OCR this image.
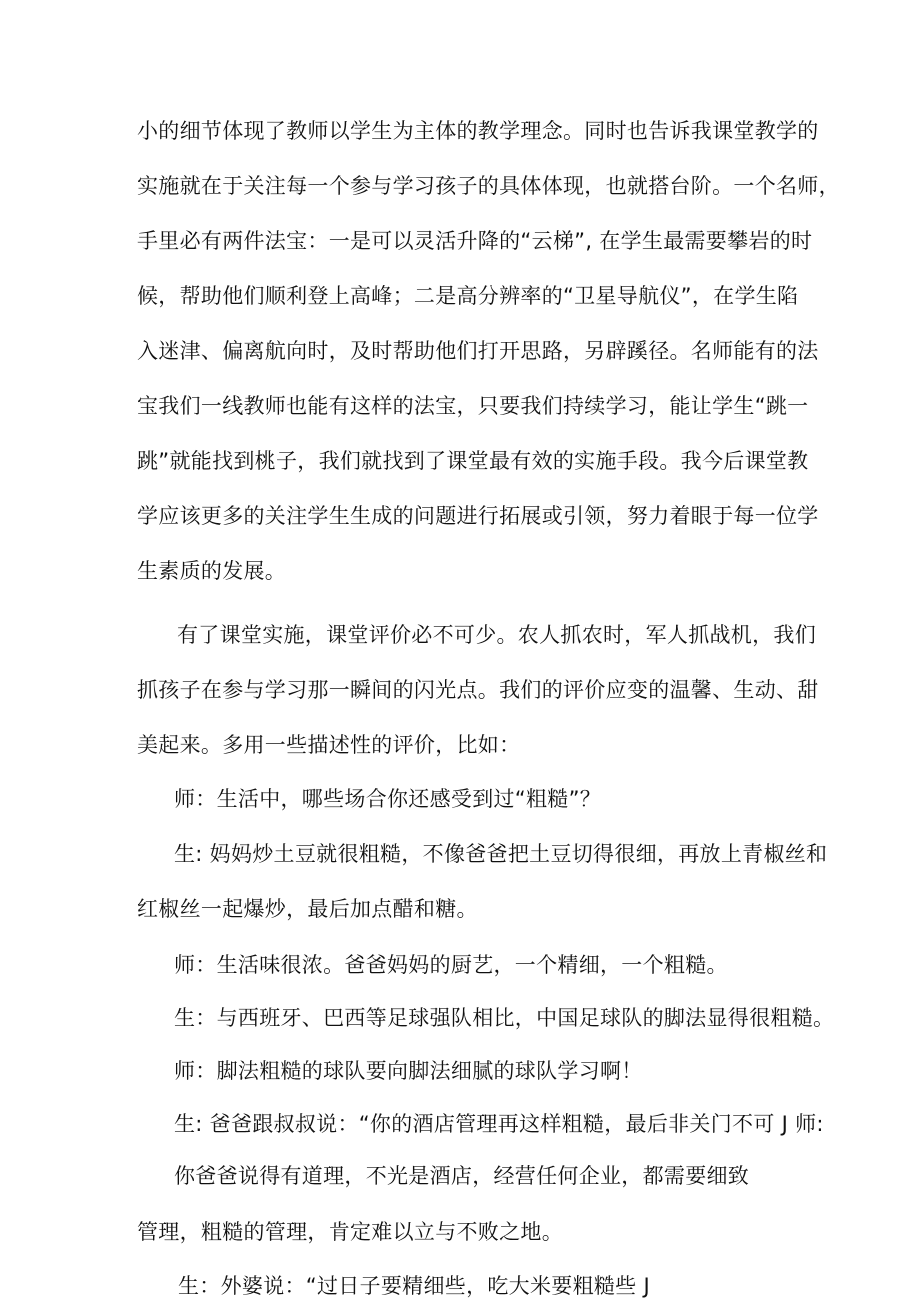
小的细节体现了教师以学生为主体的教学理念。同时也告诉我课堂教学的
实施就在于关注每一个参与学习孩子的具体体现，也就搭台阶。一个名师，
手里必有两件法宝：一是可以灵活升降的“云梯”, 在学生最需要攀岩的时
候，帮助他们顺利登上高峰；二是高分辨率的“卫星导航仪”，在学生陷
入迷津、偏离航向时，及时帮助他们打开思路，另辟蹊径。名师能有的法
宝我们一线教师也能有这样的法宝，只要我们持续学习，能让学生“跳一
跳”就能找到桃子，我们就找到了课堂最有效的实施手段。我今后课堂教
学应该更多的关注学生生成的问题进行拓展或引领，努力着眼于每一位学
生素质的发展。
有了课堂实施，课堂评价必不可少。农人抓农时，军人抓战机，我们
抓孩子在参与学习那一瞬间的闪光点。我们的评价应变的温馨、生动、甜
美起来。多用一些描述性的评价，比如：
师：生活中，哪些场合你还感受到过“粗糙”？
生: 妈妈炒土豆就很粗糙，不像爸爸把土豆切得很细，再放上青椒丝和
红椒丝一起爆炒，最后加点醋和糖。
师：生活味很浓。爸爸妈妈的厨艺，一个精细，一个粗糙。
生：与西班牙、巴西等足球强队相比，中国足球队的脚法显得很粗糙。
师：脚法粗糙的球队要向脚法细腻的球队学习啊！
生: 爸爸跟叔叔说：“你的酒店管理再这样粗糙，最后非关门不可 J 师:
你爸爸说得有道理，不光是酒店，经营任何企业，都需要细致
管理，粗糙的管理，肯定难以立与不败之地。
生：外婆说：“过日子要精细些，吃大米要粗糙些 J
